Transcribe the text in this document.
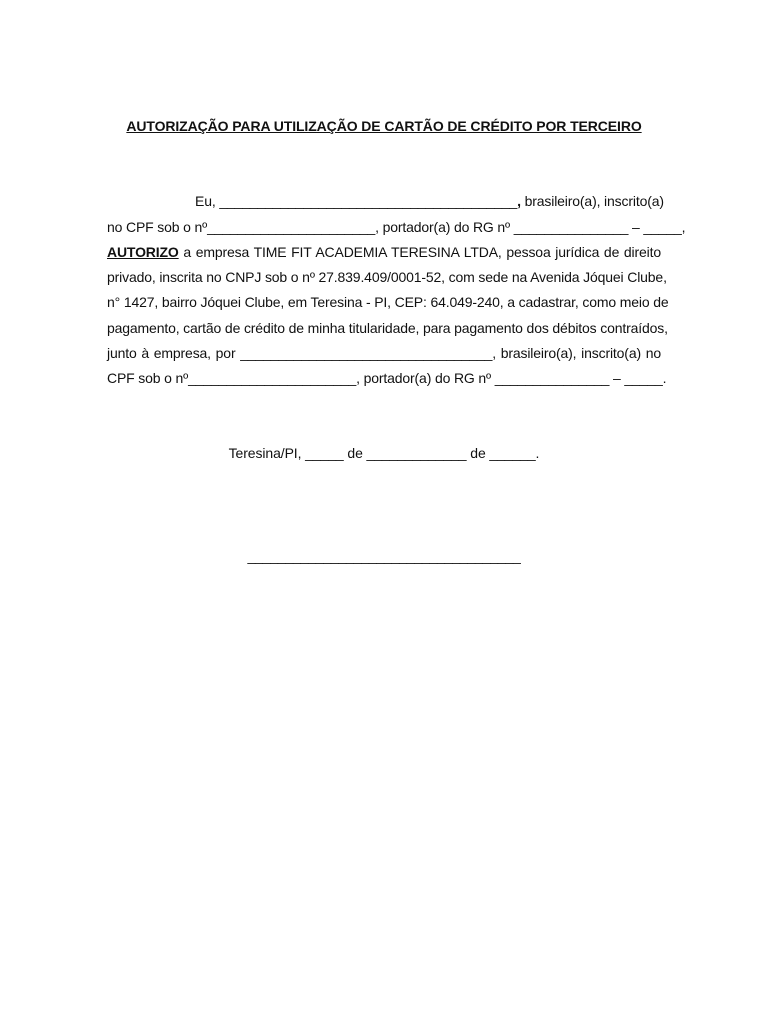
AUTORIZAÇÃO PARA UTILIZAÇÃO DE CARTÃO DE CRÉDITO POR TERCEIRO
Eu, _______________________________________, brasileiro(a), inscrito(a)
no CPF sob o nº______________________, portador(a) do RG nº _______________ – _____,
AUTORIZO a empresa TIME FIT ACADEMIA TERESINA LTDA, pessoa jurídica de direito
privado, inscrita no CNPJ sob o nº 27.839.409/0001-52, com sede na Avenida Jóquei Clube,
n° 1427, bairro Jóquei Clube, em Teresina - PI, CEP: 64.049-240, a cadastrar, como meio de
pagamento, cartão de crédito de minha titularidade, para pagamento dos débitos contraídos,
junto à empresa, por _________________________________, brasileiro(a), inscrito(a) no
CPF sob o nº______________________, portador(a) do RG nº _______________ – _____.
Teresina/PI, _____ de _____________ de ______.
____________________________________
